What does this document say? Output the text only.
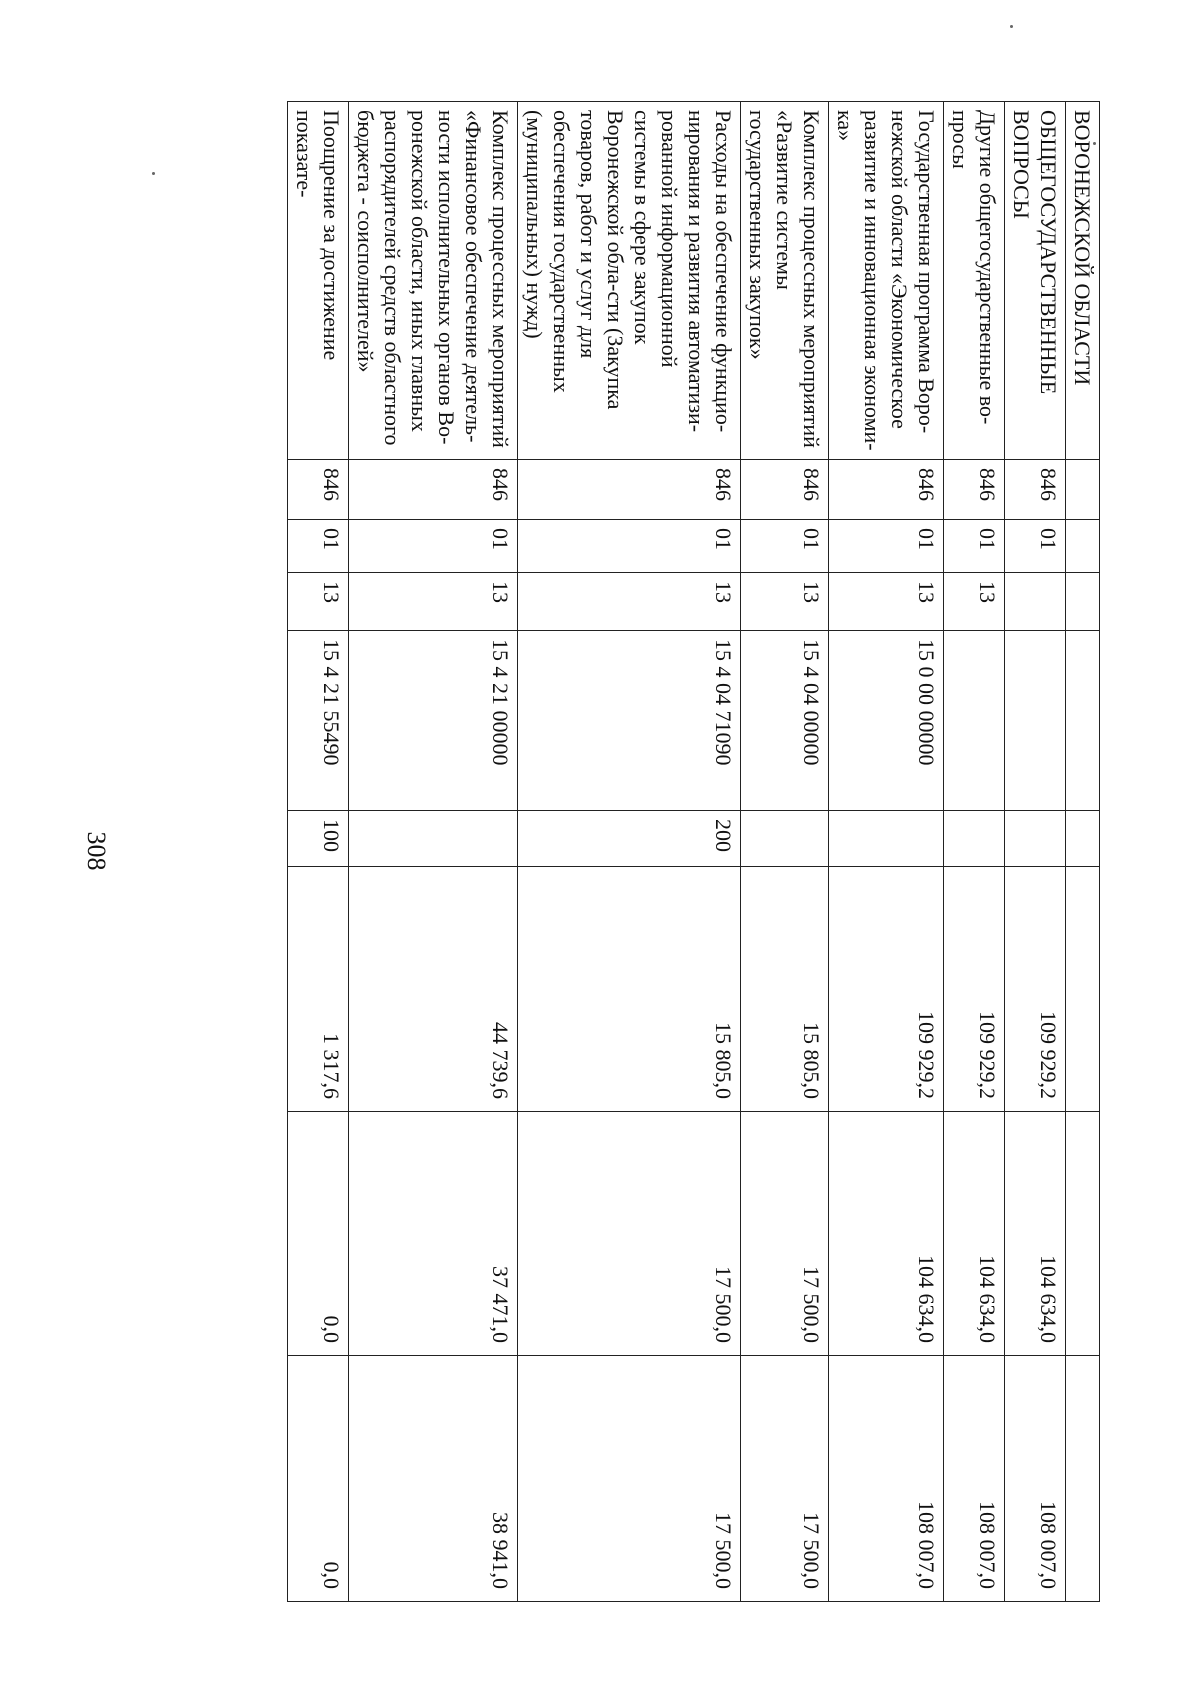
308
ВОРОНЕЖСКОЙ ОБЛАСТИ								
ОБЩЕГОСУДАРСТВЕННЫЕ ВОПРОСЫ	846	01				109 929,2	104 634,0	108 007,0
Другие общегосударственные во-просы	846	01	13			109 929,2	104 634,0	108 007,0
Государственная программа Воро-нежской области «Экономическое развитие и инновационная экономи-ка»	846	01	13	15 0 00 00000		109 929,2	104 634,0	108 007,0
Комплекс процессных мероприятий «Развитие системы государственных закупок»	846	01	13	15 4 04 00000		15 805,0	17 500,0	17 500,0
Расходы на обеспечение функцио-нирования и развития автоматизи-рованной информационной системы в сфере закупок Воронежской обла-сти (Закупка товаров, работ и услуг для обеспечения государственных (муниципальных) нужд)	846	01	13	15 4 04 71090	200	15 805,0	17 500,0	17 500,0
Комплекс процессных мероприятий «Финансовое обеспечение деятель-ности исполнительных органов Во-ронежской области, иных главных распорядителей средств областного бюджета - соисполнителей»	846	01	13	15 4 21 00000		44 739,6	37 471,0	38 941,0
Поощрение за достижение показате-	846	01	13	15 4 21 55490	100	1 317,6	0,0	0,0
